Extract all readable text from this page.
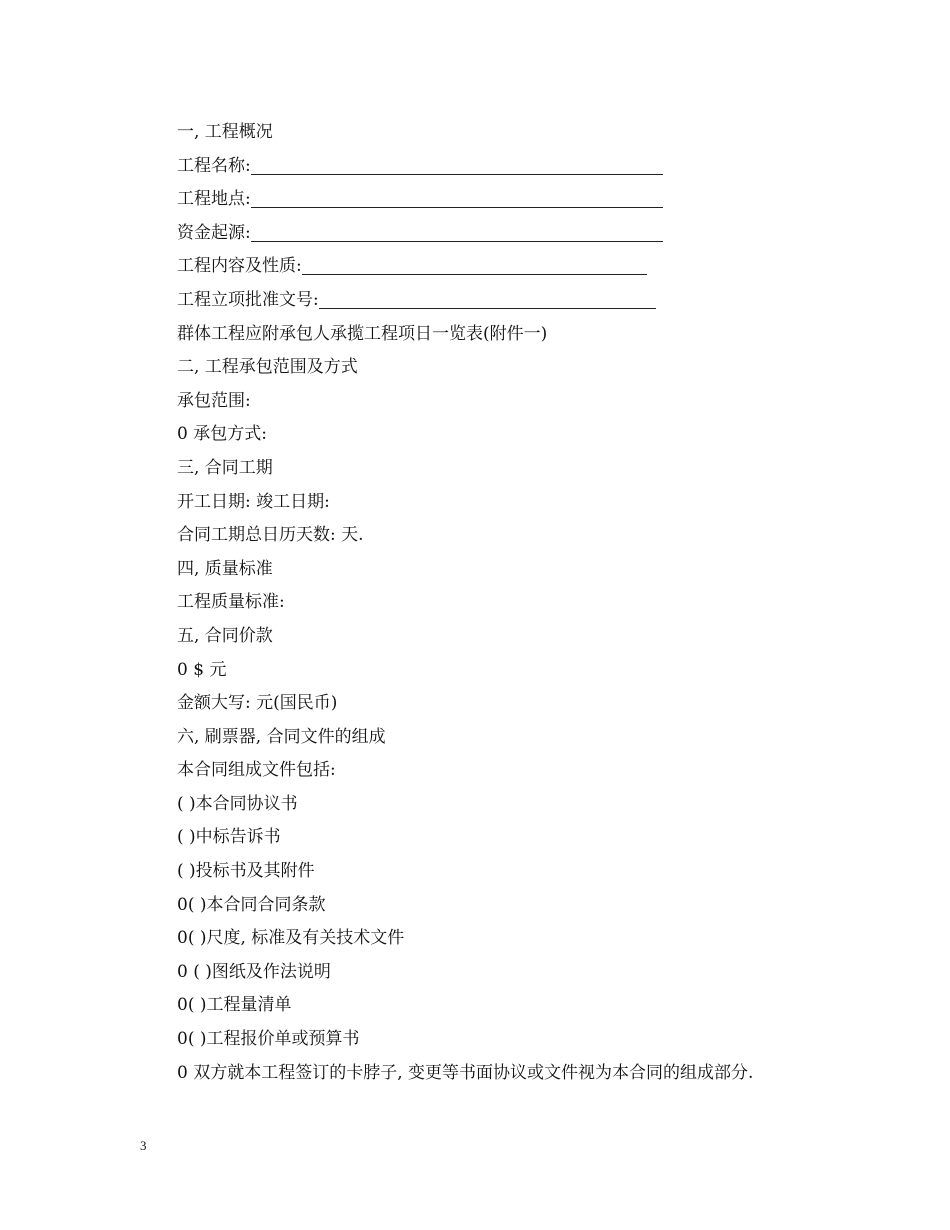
一, 工程概况
工程名称:
工程地点:
资金起源:
工程内容及性质:
工程立项批准文号:
群体工程应附承包人承揽工程项日一览表(附件一)
二, 工程承包范围及方式
承包范围:
0 承包方式:
三, 合同工期
开工日期: 竣工日期:
合同工期总日历天数: 天.
四, 质量标准
工程质量标准:
五, 合同价款
0 $ 元
金额大写: 元(国民币)
六, 刷票器, 合同文件的组成
本合同组成文件包括:
( )本合同协议书
( )中标告诉书
( )投标书及其附件
0( )本合同合同条款
0( )尺度, 标准及有关技术文件
0 ( )图纸及作法说明
0( )工程量清单
0( )工程报价单或预算书
0 双方就本工程签订的卡脖子, 变更等书面协议或文件视为本合同的组成部分.
3
